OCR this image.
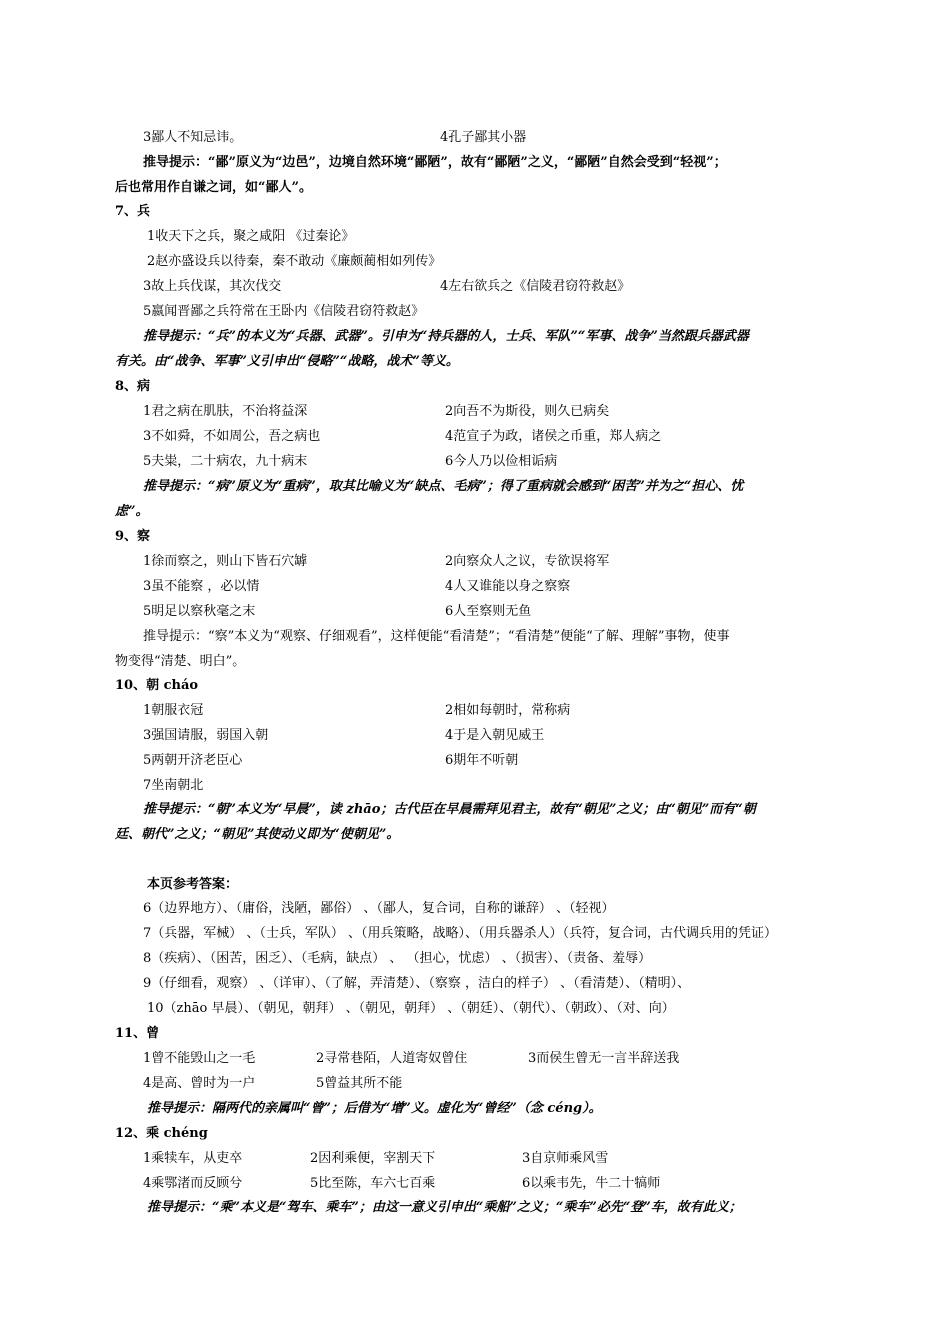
3鄙人不知忌讳。	4孔子鄙其小器
推导提示：“鄙”原义为“边邑”，边境自然环境“鄙陋”，故有“鄙陋”之义，“鄙陋”自然会受到“轻视”；
后也常用作自谦之词，如“鄙人”。
7、兵
1收天下之兵，聚之咸阳 《过秦论》
2赵亦盛设兵以待秦，秦不敢动《廉颇蔺相如列传》
3故上兵伐谋，其次伐交	4左右欲兵之《信陵君窃符救赵》
5嬴闻晋鄙之兵符常在王卧内《信陵君窃符救赵》
推导提示：“兵”的本义为“兵器、武器”。引申为“持兵器的人，士兵、军队”“军事、战争”当然跟兵器武器
有关。由“战争、军事”义引申出“侵略”“战略，战术”等义。
8、病
1君之病在肌肤，不治将益深	2向吾不为斯役，则久已病矣
3不如舜，不如周公，吾之病也	4范宣子为政，诸侯之币重，郑人病之
5夫粜，二十病农，九十病末	6今人乃以俭相诟病
推导提示：“病”原义为“重病”，取其比喻义为“缺点、毛病”；得了重病就会感到“困苦”并为之“担心、忧
虑”。
9、察
1徐而察之，则山下皆石穴罅	2向察众人之议，专欲误将军
3虽不能察 ，必以情	4人又谁能以身之察察
5明足以察秋毫之末	6人至察则无鱼
推导提示：“察”本义为“观察、仔细观看”，这样便能“看清楚”；“看清楚”便能“了解、理解”事物，使事
物变得“清楚、明白”。
10、朝 cháo
1朝服衣冠	2相如每朝时，常称病
3强国请服，弱国入朝	4于是入朝见威王
5两朝开济老臣心	6期年不听朝
7坐南朝北
推导提示：“朝”本义为“早晨”，读 zhāo；古代臣在早晨需拜见君主，故有“朝见”之义；由“朝见”而有“朝
廷、朝代”之义；“朝见”其使动义即为“使朝见”。
本页参考答案：
6（边界地方）、（庸俗，浅陋，鄙俗） 、（鄙人，复合词，自称的谦辞） 、（轻视）
7（兵器，军械） 、（士兵，军队） 、（用兵策略，战略）、（用兵器杀人）（兵符，复合词，古代调兵用的凭证）
8（疾病）、（困苦，困乏）、（毛病，缺点） 、 （担心，忧虑） 、（损害）、（责备、羞辱）
9（仔细看，观察） 、（详审）、（了解，弄清楚）、（察察 ，洁白的样子） 、（看清楚）、（精明）、
10（zhāo 早晨）、（朝见，朝拜） 、（朝见，朝拜） 、（朝廷）、（朝代）、（朝政）、（对、向）
11、曾
1曾不能毁山之一毛	2寻常巷陌，人道寄奴曾住	3而侯生曾无一言半辞送我
4是高、曾时为一户	5曾益其所不能
推导提示：隔两代的亲属叫“曾”；后借为“增”义。虚化为“曾经”（念 céng）。
12、乘 chéng
1乘犊车，从吏卒	2因利乘便，宰割天下	3自京师乘风雪
4乘鄂渚而反顾兮	5比至陈，车六七百乘	6以乘韦先，牛二十犒师
推导提示：“乘”本义是“驾车、乘车”；由这一意义引申出“乘船”之义；“乘车”必先“登”车，故有此义；
